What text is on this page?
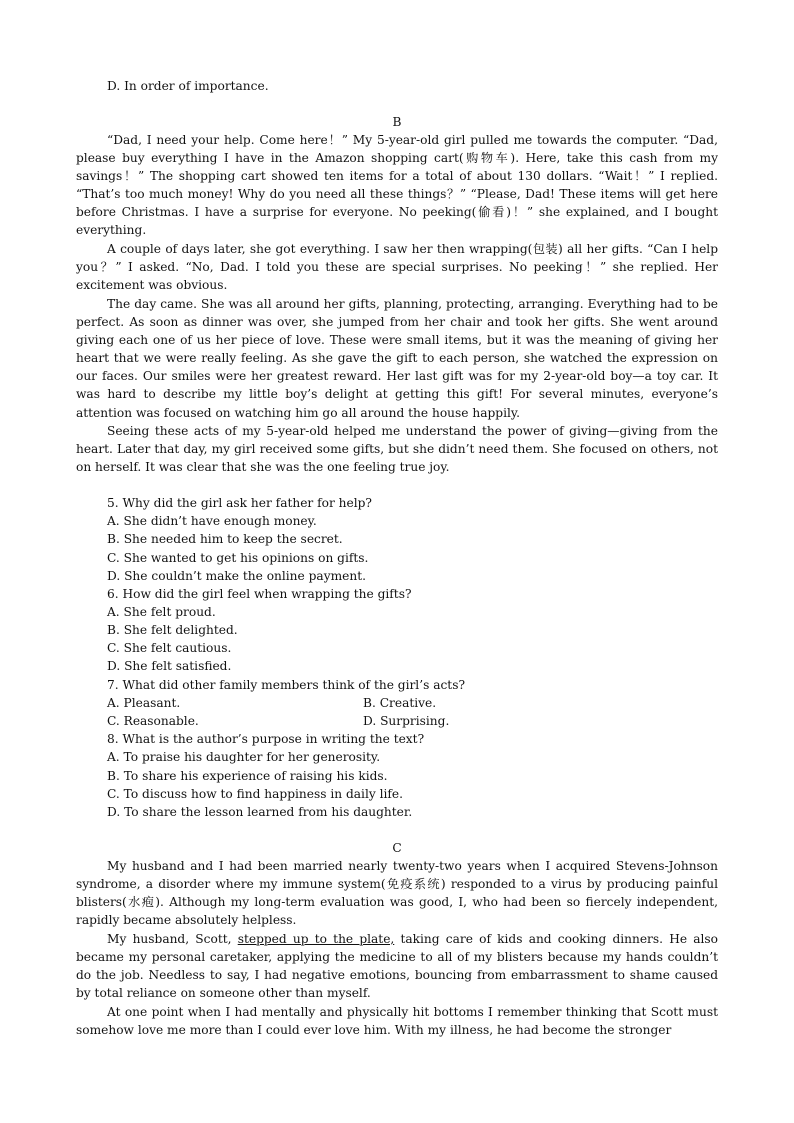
D. In order of importance.
B
“Dad, I need your help. Come here！” My 5-year-old girl pulled me towards the computer. “Dad, please buy everything I have in the Amazon shopping cart(购物车). Here, take this cash from my savings！” The shopping cart showed ten items for a total of about 130 dollars. “Wait！” I replied. “That’s too much money! Why do you need all these things？” “Please, Dad! These items will get here before Christmas. I have a surprise for everyone. No peeking(偷看)！” she explained, and I bought everything.
A couple of days later, she got everything. I saw her then wrapping(包装) all her gifts. “Can I help you？” I asked. “No, Dad. I told you these are special surprises. No peeking！” she replied. Her excitement was obvious.
The day came. She was all around her gifts, planning, protecting, arranging. Everything had to be perfect. As soon as dinner was over, she jumped from her chair and took her gifts. She went around giving each one of us her piece of love. These were small items, but it was the meaning of giving her heart that we were really feeling. As she gave the gift to each person, she watched the expression on our faces. Our smiles were her greatest reward. Her last gift was for my 2-year-old boy—a toy car. It was hard to describe my little boy’s delight at getting this gift! For several minutes, everyone’s attention was focused on watching him go all around the house happily.
Seeing these acts of my 5-year-old helped me understand the power of giving—giving from the heart. Later that day, my girl received some gifts, but she didn’t need them. She focused on others, not on herself. It was clear that she was the one feeling true joy.
5. Why did the girl ask her father for help?
A. She didn’t have enough money.
B. She needed him to keep the secret.
C. She wanted to get his opinions on gifts.
D. She couldn’t make the online payment.
6. How did the girl feel when wrapping the gifts?
A. She felt proud.
B. She felt delighted.
C. She felt cautious.
D. She felt satisfied.
7. What did other family members think of the girl’s acts?
A. Pleasant.	B. Creative.
C. Reasonable.	D. Surprising.
8. What is the author’s purpose in writing the text?
A. To praise his daughter for her generosity.
B. To share his experience of raising his kids.
C. To discuss how to find happiness in daily life.
D. To share the lesson learned from his daughter.
C
My husband and I had been married nearly twenty-two years when I acquired Stevens-Johnson syndrome, a disorder where my immune system(免疫系统) responded to a virus by producing painful blisters(水疱). Although my long-term evaluation was good, I, who had been so fiercely independent, rapidly became absolutely helpless.
My husband, Scott, stepped up to the plate, taking care of kids and cooking dinners. He also became my personal caretaker, applying the medicine to all of my blisters because my hands couldn’t do the job. Needless to say, I had negative emotions, bouncing from embarrassment to shame caused by total reliance on someone other than myself.
At one point when I had mentally and physically hit bottoms I remember thinking that Scott must somehow love me more than I could ever love him. With my illness, he had become the stronger
